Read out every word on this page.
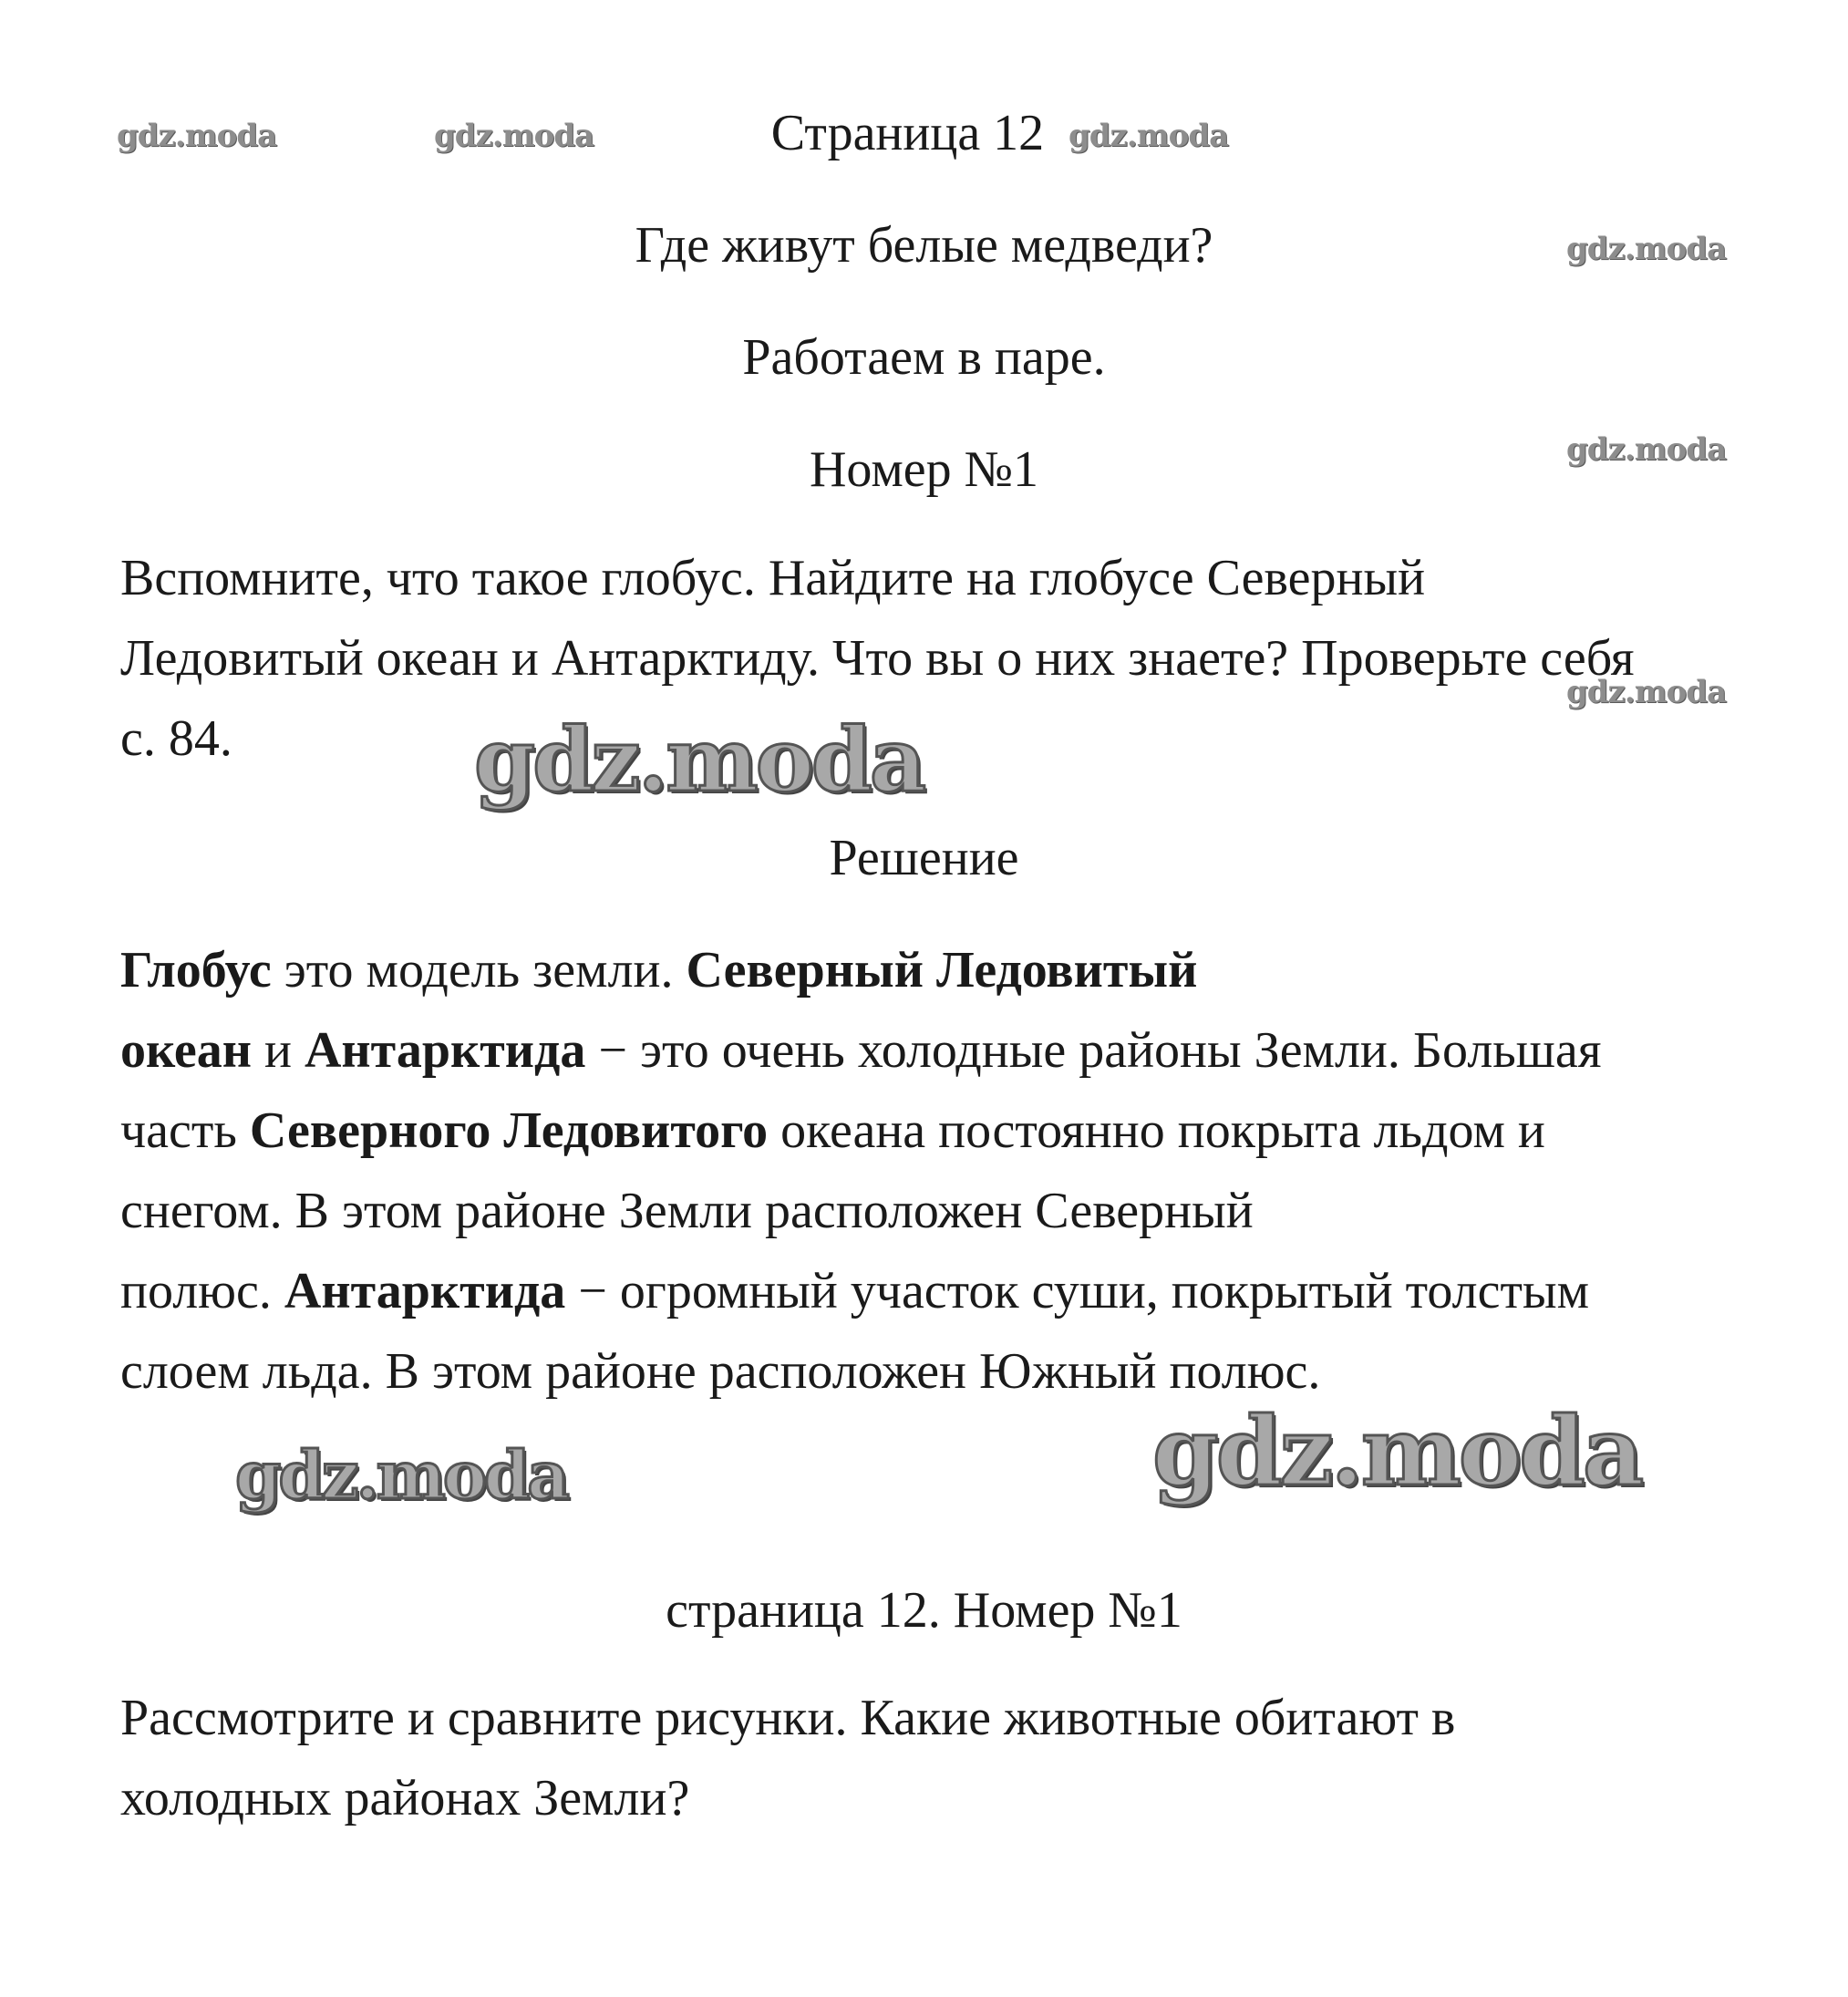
Страница 12
Где живут белые медведи?
Работаем в паре.
Номер №1
Вспомните, что такое глобус. Найдите на глобусе Северный
Ледовитый океан и Антарктиду. Что вы о них знаете? Проверьте себя
с. 84.
Решение
Глобус это модель земли. Северный Ледовитый
океан и Антарктида − это очень холодные районы Земли. Большая
часть Северного Ледовитого океана постоянно покрыта льдом и
снегом. В этом районе Земли расположен Северный
полюс. Антарктида − огромный участок суши, покрытый толстым
слоем льда. В этом районе расположен Южный полюс.
страница 12. Номер №1
Рассмотрите и сравните рисунки. Какие животные обитают в
холодных районах Земли?
gdz.moda	gdz.moda	gdz.moda
gdz.moda
gdz.moda
gdz.moda
gdz.moda
gdz.moda	gdz.moda
